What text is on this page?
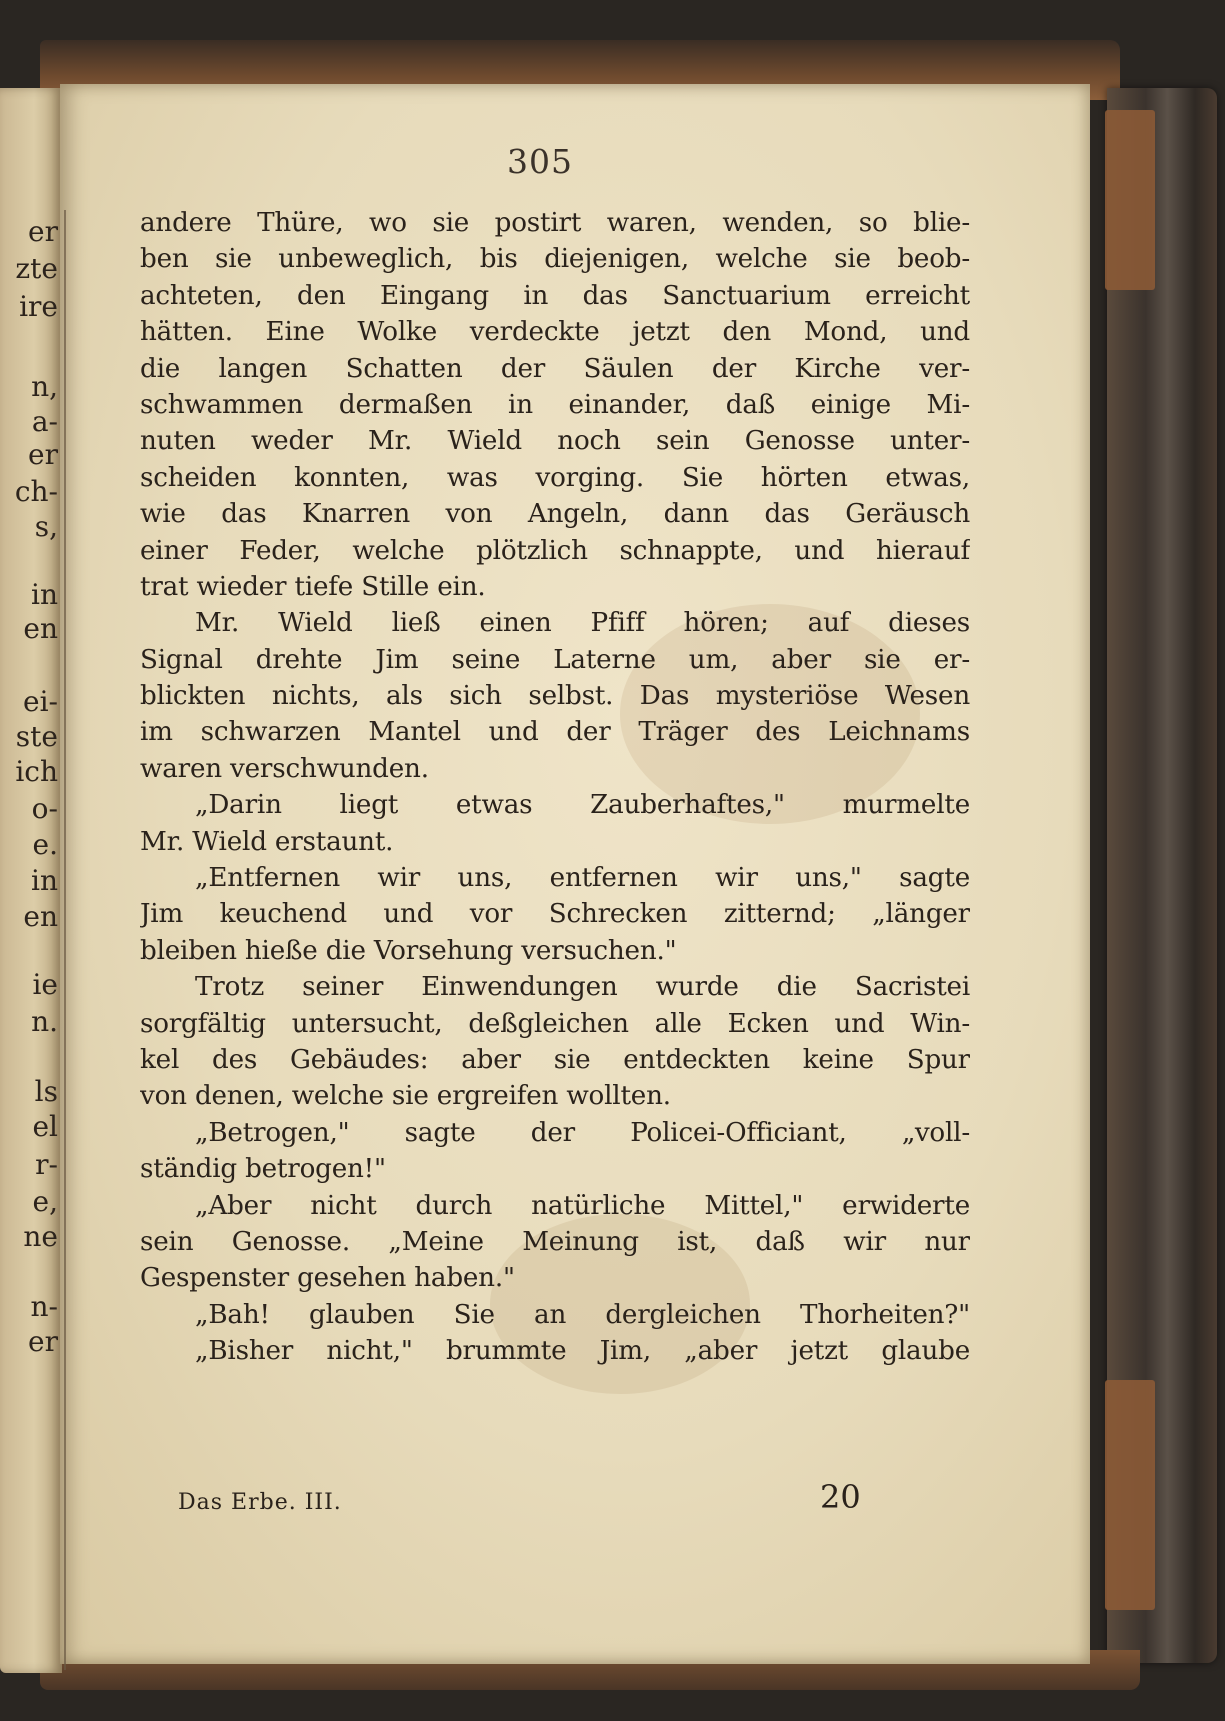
er
zte
ire
n,
a-
er
ch-
s,
in
en
ei-
ste
ich
o-
e.
in
en
ie
n.
ls
el
r-
e,
ne
n-
er
305
andere Thüre, wo sie postirt waren, wenden, so blie-
ben sie unbeweglich, bis diejenigen, welche sie beob-
achteten, den Eingang in das Sanctuarium erreicht
hätten. Eine Wolke verdeckte jetzt den Mond, und
die langen Schatten der Säulen der Kirche ver-
schwammen dermaßen in einander, daß einige Mi-
nuten weder Mr. Wield noch sein Genosse unter-
scheiden konnten, was vorging. Sie hörten etwas,
wie das Knarren von Angeln, dann das Geräusch
einer Feder, welche plötzlich schnappte, und hierauf
trat wieder tiefe Stille ein.
Mr. Wield ließ einen Pfiff hören; auf dieses
Signal drehte Jim seine Laterne um, aber sie er-
blickten nichts, als sich selbst. Das mysteriöse Wesen
im schwarzen Mantel und der Träger des Leichnams
waren verschwunden.
„Darin liegt etwas Zauberhaftes," murmelte
Mr. Wield erstaunt.
„Entfernen wir uns, entfernen wir uns," sagte
Jim keuchend und vor Schrecken zitternd; „länger
bleiben hieße die Vorsehung versuchen."
Trotz seiner Einwendungen wurde die Sacristei
sorgfältig untersucht, deßgleichen alle Ecken und Win-
kel des Gebäudes: aber sie entdeckten keine Spur
von denen, welche sie ergreifen wollten.
„Betrogen," sagte der Policei-Officiant, „voll-
ständig betrogen!"
„Aber nicht durch natürliche Mittel," erwiderte
sein Genosse. „Meine Meinung ist, daß wir nur
Gespenster gesehen haben."
„Bah! glauben Sie an dergleichen Thorheiten?"
„Bisher nicht," brummte Jim, „aber jetzt glaube
Das Erbe. III.	20
